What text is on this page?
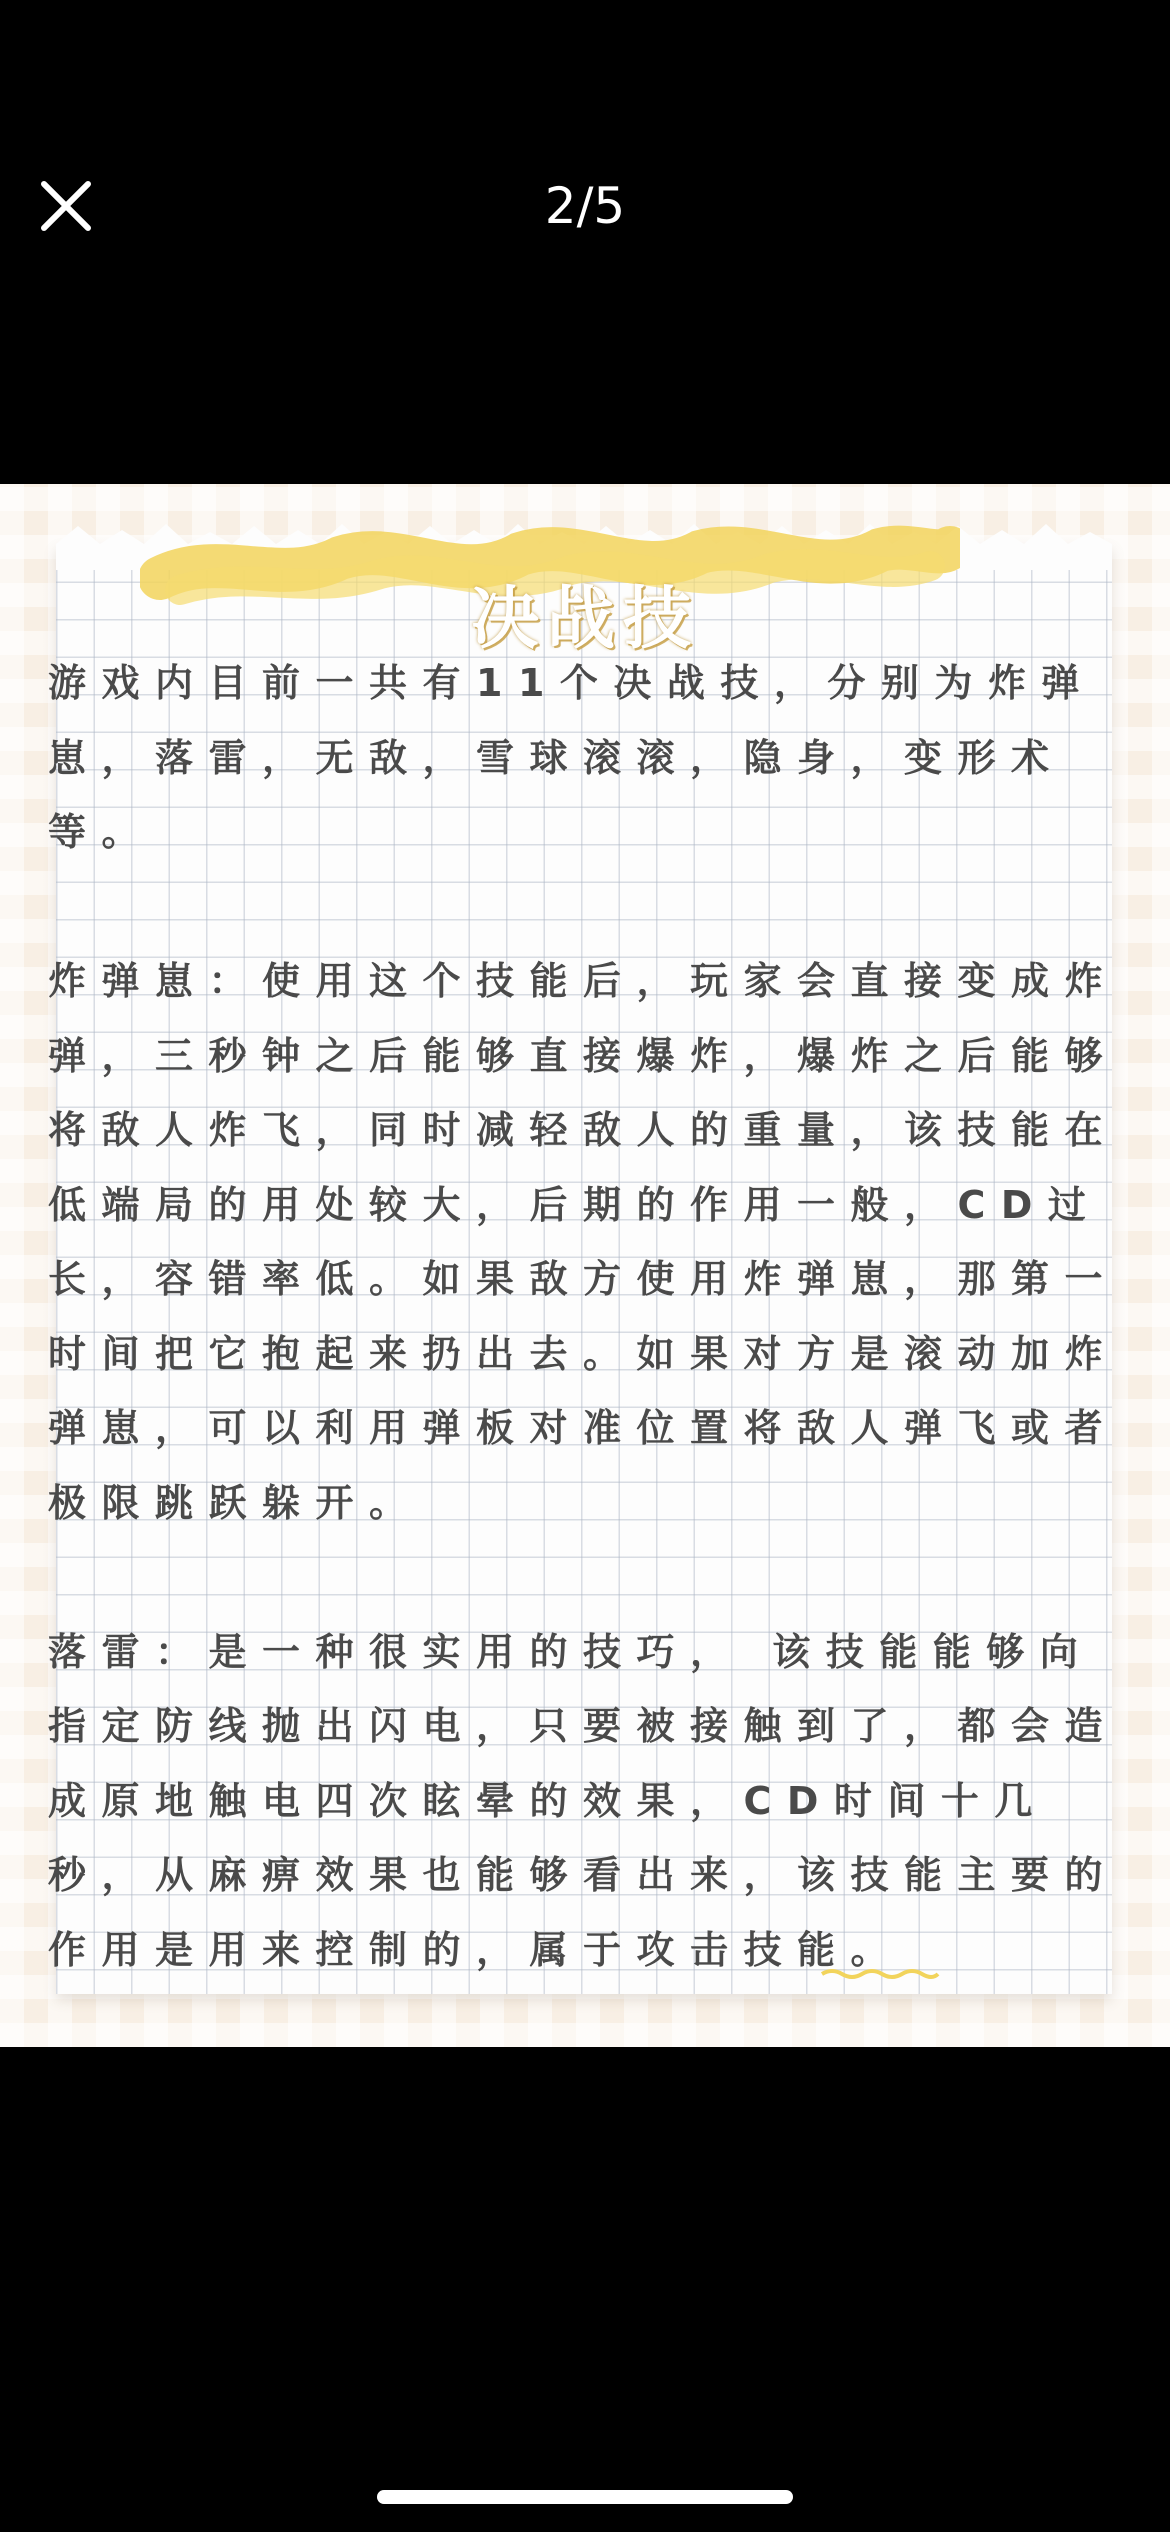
2/5
决战技

游戏内目前一共有11个决战技，分别为炸弹崽，落雷，无敌，雪球滚滚，隐身，变形术等。

炸弹崽：使用这个技能后，玩家会直接变成炸弹，三秒钟之后能够直接爆炸，爆炸之后能够将敌人炸飞，同时减轻敌人的重量，该技能在低端局的用处较大，后期的作用一般，CD过长，容错率低。如果敌方使用炸弹崽，那第一时间把它抱起来扔出去。如果对方是滚动加炸弹崽，可以利用弹板对准位置将敌人弹飞或者极限跳跃躲开。

落雷：是一种很实用的技巧， 该技能能够向指定防线抛出闪电，只要被接触到了，都会造成原地触电四次眩晕的效果，CD时间十几秒，从麻痹效果也能够看出来，该技能主要的作用是用来控制的，属于攻击技能。
